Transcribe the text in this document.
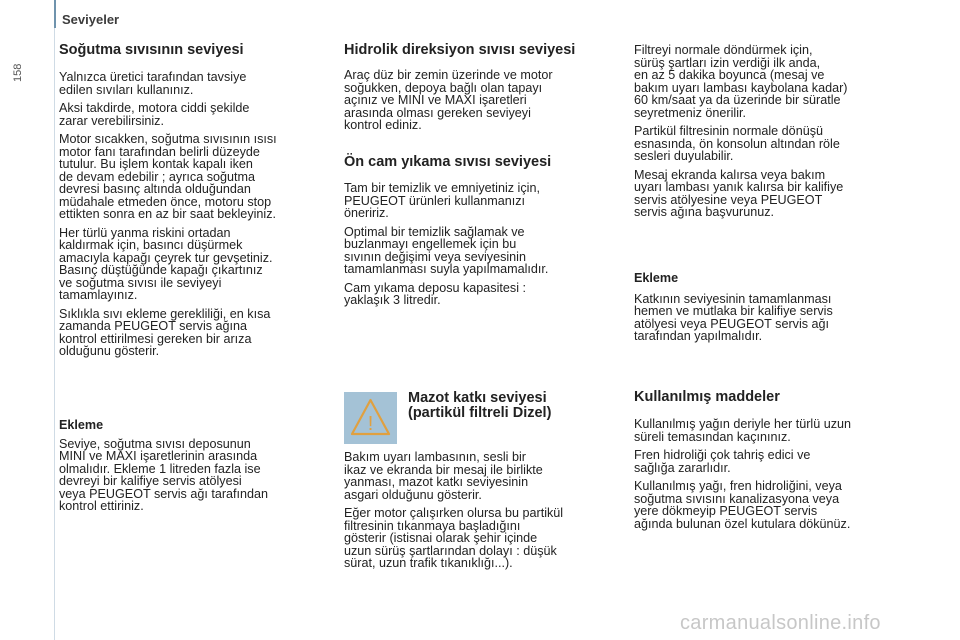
Seviyeler
158
Soğutma sıvısının seviyesi

Yalnızca üretici tarafından tavsiye
edilen sıvıları kullanınız.

Aksi takdirde, motora ciddi şekilde
zarar verebilirsiniz.

Motor sıcakken, soğutma sıvısının ısısı
motor fanı tarafından belirli düzeyde
tutulur. Bu işlem kontak kapalı iken
de devam edebilir ; ayrıca soğutma
devresi basınç altında olduğundan
müdahale etmeden önce, motoru stop
ettikten sonra en az bir saat bekleyiniz.

Her türlü yanma riskini ortadan
kaldırmak için, basıncı düşürmek
amacıyla kapağı çeyrek tur gevşetiniz.
Basınç düştüğünde kapağı çıkartınız
ve soğutma sıvısı ile seviyeyi
tamamlayınız.

Sıklıkla sıvı ekleme gerekliliği, en kısa
zamanda PEUGEOT servis ağına
kontrol ettirilmesi gereken bir arıza
olduğunu gösterir.

Ekleme

Seviye, soğutma sıvısı deposunun
MINI ve MAXI işaretlerinin arasında
olmalıdır. Ekleme 1 litreden fazla ise
devreyi bir kalifiye servis atölyesi
veya PEUGEOT servis ağı tarafından
kontrol ettiriniz.

Hidrolik direksiyon sıvısı seviyesi

Araç düz bir zemin üzerinde ve motor
soğukken, depoya bağlı olan tapayı
açınız ve MINI ve MAXI işaretleri
arasında olması gereken seviyeyi
kontrol ediniz.

Ön cam yıkama sıvısı seviyesi

Tam bir temizlik ve emniyetiniz için,
PEUGEOT ürünleri kullanmanızı
öneririz.

Optimal bir temizlik sağlamak ve
buzlanmayı engellemek için bu
sıvının değişimi veya seviyesinin
tamamlanması suyla yapılmamalıdır.

Cam yıkama deposu kapasitesi :
yaklaşık 3 litredir.

!
Mazot katkı seviyesi
(partikül filtreli Dizel)

Bakım uyarı lambasının, sesli bir
ikaz ve ekranda bir mesaj ile birlikte
yanması, mazot katkı seviyesinin
asgari olduğunu gösterir.

Eğer motor çalışırken olursa bu partikül
filtresinin tıkanmaya başladığını
gösterir (istisnai olarak şehir içinde
uzun sürüş şartlarından dolayı : düşük
sürat, uzun trafik tıkanıklığı...).

Filtreyi normale döndürmek için,
sürüş şartları izin verdiği ilk anda,
en az 5 dakika boyunca (mesaj ve
bakım uyarı lambası kaybolana kadar)
60 km/saat ya da üzerinde bir süratle
seyretmeniz önerilir.

Partikül filtresinin normale dönüşü
esnasında, ön konsolun altından röle
sesleri duyulabilir.

Mesaj ekranda kalırsa veya bakım
uyarı lambası yanık kalırsa bir kalifiye
servis atölyesine veya PEUGEOT
servis ağına başvurunuz.

Ekleme

Katkının seviyesinin tamamlanması
hemen ve mutlaka bir kalifiye servis
atölyesi veya PEUGEOT servis ağı
tarafından yapılmalıdır.

Kullanılmış maddeler

Kullanılmış yağın deriyle her türlü uzun
süreli temasından kaçınınız.

Fren hidroliği çok tahriş edici ve
sağlığa zararlıdır.

Kullanılmış yağı, fren hidroliğini, veya
soğutma sıvısını kanalizasyona veya
yere dökmeyip PEUGEOT servis
ağında bulunan özel kutulara dökünüz.

carmanualsonline.info
